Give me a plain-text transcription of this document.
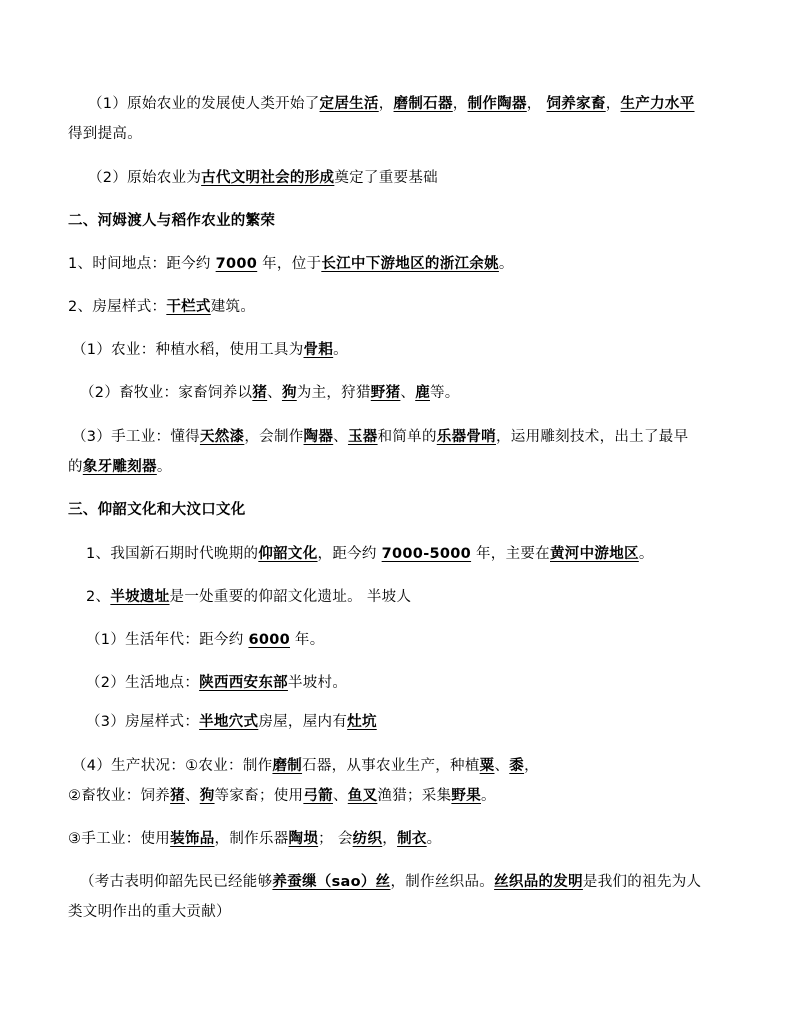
（1）原始农业的发展使人类开始了定居生活，磨制石器，制作陶器， 饲养家畜，生产力水平

得到提高。

（2）原始农业为古代文明社会的形成奠定了重要基础

二、河姆渡人与稻作农业的繁荣

1、时间地点：距今约 7000 年，位于长江中下游地区的浙江余姚。

2、房屋样式：干栏式建筑。

（1）农业：种植水稻，使用工具为骨耜。

（2）畜牧业：家畜饲养以猪、狗为主，狩猎野猪、鹿等。

（3）手工业：懂得天然漆，会制作陶器、玉器和简单的乐器骨哨，运用雕刻技术，出土了最早

的象牙雕刻器。

三、仰韶文化和大汶口文化

1、我国新石期时代晚期的仰韶文化，距今约 7000-5000 年，主要在黄河中游地区。

2、半坡遗址是一处重要的仰韶文化遗址。 半坡人

（1）生活年代：距今约 6000 年。

（2）生活地点：陕西西安东部半坡村。

（3）房屋样式：半地穴式房屋，屋内有灶坑

（4）生产状况：①农业：制作磨制石器，从事农业生产，种植粟、黍，

②畜牧业：饲养猪、狗等家畜；使用弓箭、鱼叉渔猎；采集野果。

③手工业：使用装饰品，制作乐器陶埙； 会纺织，制衣。

（考古表明仰韶先民已经能够养蚕缫（sao）丝，制作丝织品。丝织品的发明是我们的祖先为人

类文明作出的重大贡献）
